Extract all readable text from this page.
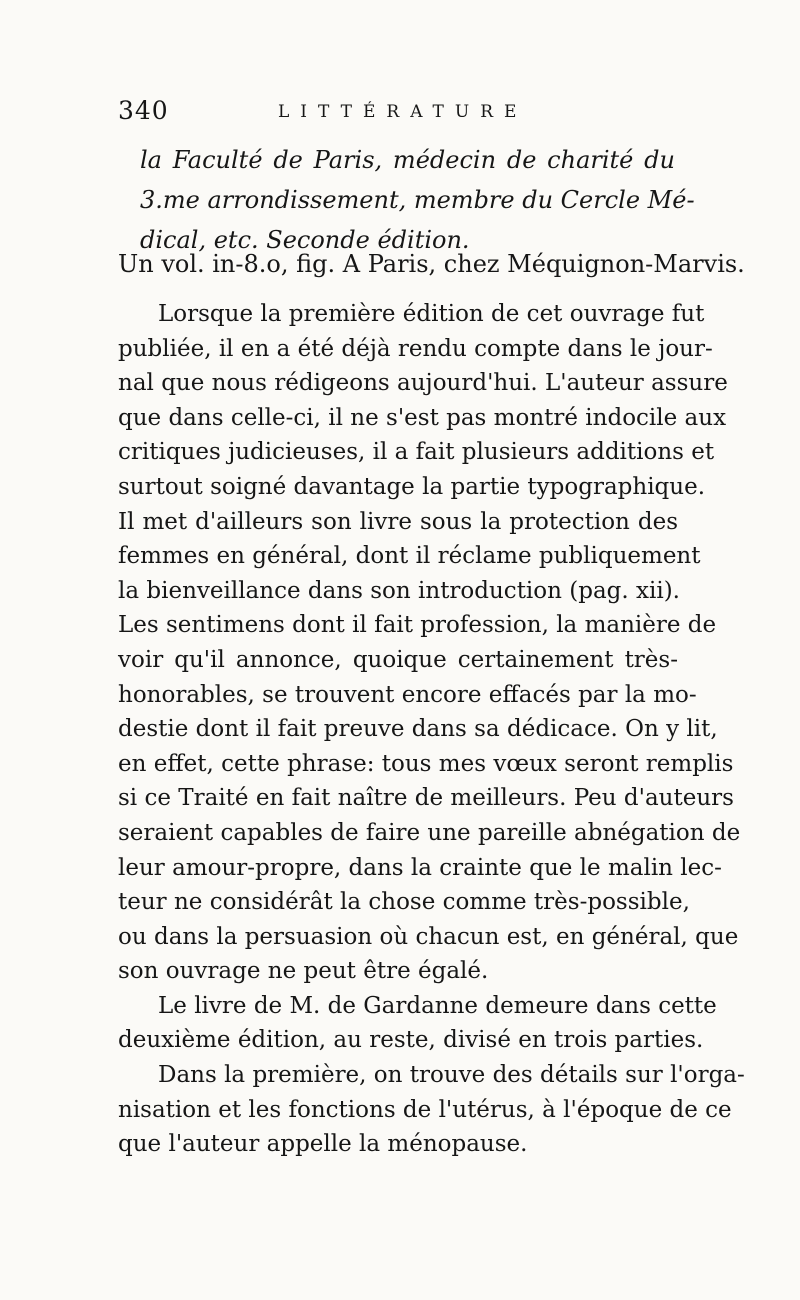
340	LITTÉRATURE
la Faculté de Paris, médecin de charité du
3.me arrondissement, membre du Cercle Mé-
dical, etc. Seconde édition.
Un vol. in-8.o, fig. A Paris, chez Méquignon-Marvis.
Lorsque la première édition de cet ouvrage fut
publiée, il en a été déjà rendu compte dans le jour-
nal que nous rédigeons aujourd'hui. L'auteur assure
que dans celle-ci, il ne s'est pas montré indocile aux
critiques judicieuses, il a fait plusieurs additions et
surtout soigné davantage la partie typographique.
Il met d'ailleurs son livre sous la protection des
femmes en général, dont il réclame publiquement
la bienveillance dans son introduction (pag. xii).
Les sentimens dont il fait profession, la manière de
voir qu'il annonce, quoique certainement très-
honorables, se trouvent encore effacés par la mo-
destie dont il fait preuve dans sa dédicace. On y lit,
en effet, cette phrase: tous mes vœux seront remplis
si ce Traité en fait naître de meilleurs. Peu d'auteurs
seraient capables de faire une pareille abnégation de
leur amour-propre, dans la crainte que le malin lec-
teur ne considérât la chose comme très-possible,
ou dans la persuasion où chacun est, en général, que
son ouvrage ne peut être égalé.
Le livre de M. de Gardanne demeure dans cette
deuxième édition, au reste, divisé en trois parties.
Dans la première, on trouve des détails sur l'orga-
nisation et les fonctions de l'utérus, à l'époque de ce
que l'auteur appelle la ménopause.
